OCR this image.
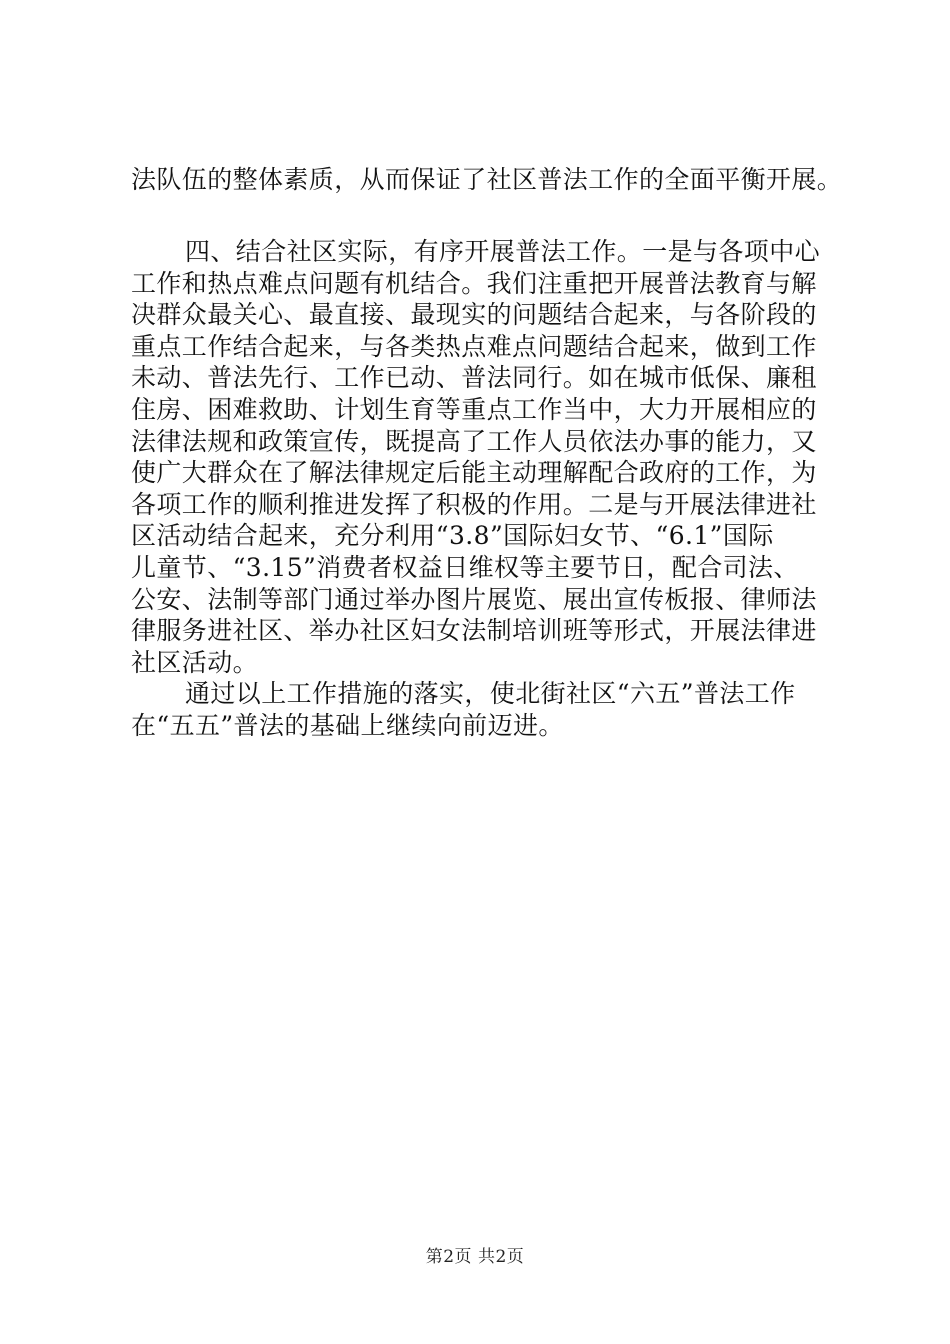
法队伍的整体素质，从而保证了社区普法工作的全面平衡开展。
四、结合社区实际，有序开展普法工作。一是与各项中心
工作和热点难点问题有机结合。我们注重把开展普法教育与解
决群众最关心、最直接、最现实的问题结合起来，与各阶段的
重点工作结合起来，与各类热点难点问题结合起来，做到工作
未动、普法先行、工作已动、普法同行。如在城市低保、廉租
住房、困难救助、计划生育等重点工作当中，大力开展相应的
法律法规和政策宣传，既提高了工作人员依法办事的能力，又
使广大群众在了解法律规定后能主动理解配合政府的工作，为
各项工作的顺利推进发挥了积极的作用。二是与开展法律进社
区活动结合起来，充分利用“3.8”国际妇女节、“6.1”国际
儿童节、“3.15”消费者权益日维权等主要节日，配合司法、
公安、法制等部门通过举办图片展览、展出宣传板报、律师法
律服务进社区、举办社区妇女法制培训班等形式，开展法律进
社区活动。
通过以上工作措施的落实，使北街社区“六五”普法工作
在“五五”普法的基础上继续向前迈进。
第2页 共2页
